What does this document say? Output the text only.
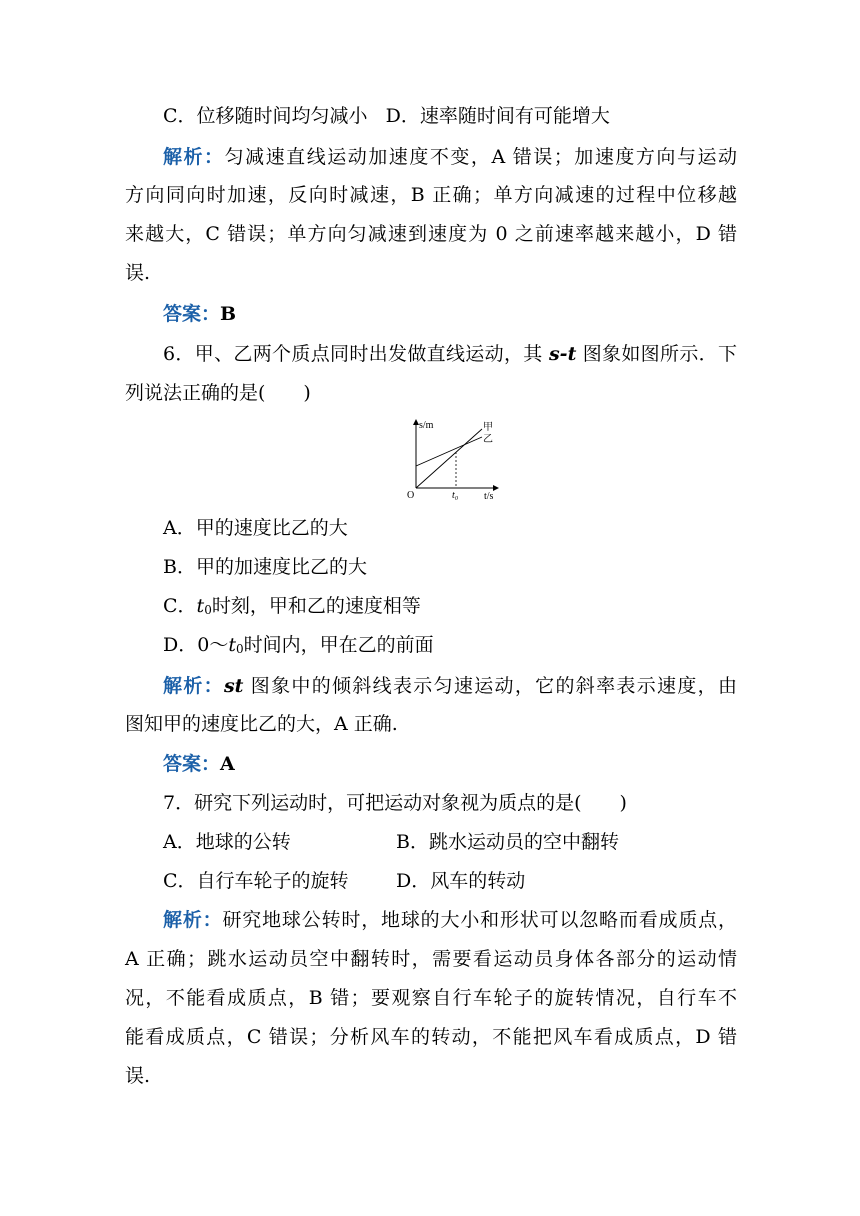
C．位移随时间均匀减小 D．速率随时间有可能增大
解析：匀减速直线运动加速度不变，A 错误；加速度方向与运动
方向同向时加速，反向时减速，B 正确；单方向减速的过程中位移越
来越大，C 错误；单方向匀减速到速度为 0 之前速率越来越小，D 错
误.
答案：B
6．甲、乙两个质点同时出发做直线运动，其 s-t 图象如图所示．下
列说法正确的是(　　)
s/m
t/s
O	t₀
甲
乙
A．甲的速度比乙的大
B．甲的加速度比乙的大
C．$t_0$时刻，甲和乙的速度相等
D．$0\sim t_0$时间内，甲在乙的前面
解析：st 图象中的倾斜线表示匀速运动，它的斜率表示速度，由
图知甲的速度比乙的大，A 正确.
答案：A
7．研究下列运动时，可把运动对象视为质点的是(　　)
A．地球的公转	B．跳水运动员的空中翻转
C．自行车轮子的旋转 D．风车的转动
解析：研究地球公转时，地球的大小和形状可以忽略而看成质点，
A 正确；跳水运动员空中翻转时，需要看运动员身体各部分的运动情
况，不能看成质点，B 错；要观察自行车轮子的旋转情况，自行车不
能看成质点，C 错误；分析风车的转动，不能把风车看成质点，D 错
误.
